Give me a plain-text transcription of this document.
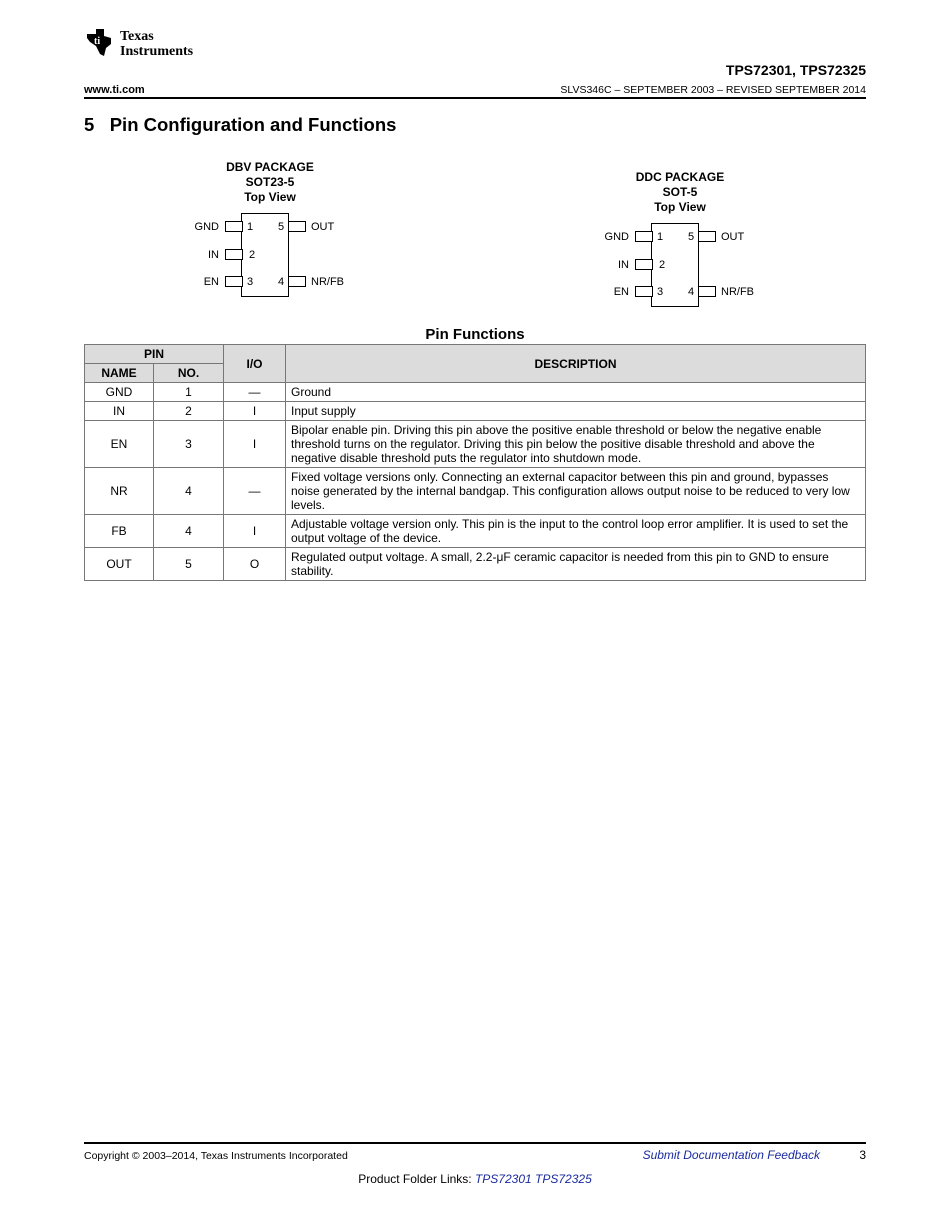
ti Texas
Instruments
TPS72301, TPS72325
www.ti.com	SLVS346C – SEPTEMBER 2003 – REVISED SEPTEMBER 2014
5   Pin Configuration and Functions
DBV PACKAGE
SOT23-5
Top View
GND	1
IN	2
EN	3
5 OUT
4 NR/FB
DDC PACKAGE
SOT-5
Top View
GND	1
IN	2
EN	3
5 OUT
4 NR/FB
Pin Functions
PIN		I/O	DESCRIPTION
NAME	NO.		
GND	1	—	Ground
IN	2	I	Input supply
EN	3	I	Bipolar enable pin. Driving this pin above the positive enable threshold or below the negative enable threshold turns on the regulator. Driving this pin below the positive disable threshold and above the negative disable threshold puts the regulator into shutdown mode.
NR	4	—	Fixed voltage versions only. Connecting an external capacitor between this pin and ground, bypasses noise generated by the internal bandgap. This configuration allows output noise to be reduced to very low levels.
FB	4	I	Adjustable voltage version only. This pin is the input to the control loop error amplifier. It is used to set the output voltage of the device.
OUT	5	O	Regulated output voltage. A small, 2.2-μF ceramic capacitor is needed from this pin to GND to ensure stability.
Copyright © 2003–2014, Texas Instruments Incorporated	Submit Documentation Feedback	3
Product Folder Links: TPS72301 TPS72325
